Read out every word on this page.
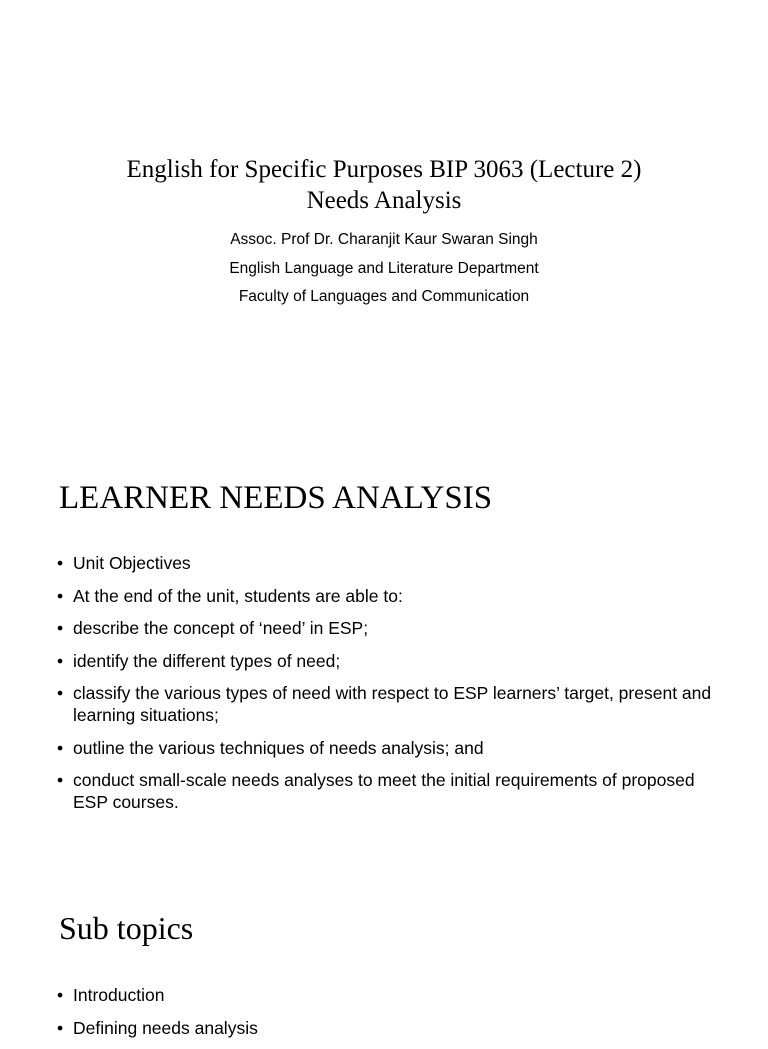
English for Specific Purposes BIP 3063 (Lecture 2)
Needs Analysis
Assoc. Prof Dr. Charanjit Kaur Swaran Singh
English Language and Literature Department
Faculty of Languages and Communication
LEARNER NEEDS ANALYSIS
• Unit Objectives
• At the end of the unit, students are able to:
• describe the concept of ‘need’ in ESP;
• identify the different types of need;
• classify the various types of need with respect to ESP learners’ target, present and learning situations;
• outline the various techniques of needs analysis; and
• conduct small-scale needs analyses to meet the initial requirements of proposed ESP courses.
Sub topics
• Introduction
• Defining needs analysis
